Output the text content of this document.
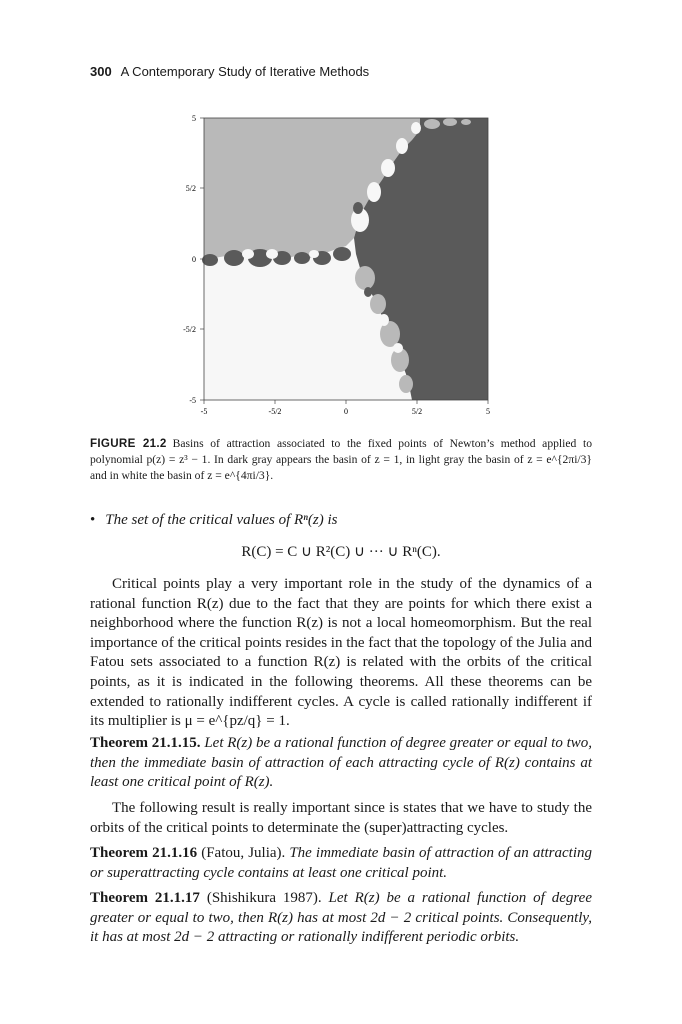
300 A Contemporary Study of Iterative Methods
5
5/2
0
-5/2
-5
-5	-5/2	0	5/2	5
FIGURE 21.2 Basins of attraction associated to the fixed points of Newton’s method applied to polynomial p(z) = z³ − 1. In dark gray appears the basin of z = 1, in light gray the basin of z = e^{2πi/3} and in white the basin of z = e^{4πi/3}.
• The set of the critical values of Rⁿ(z) is
R(C) = C ∪ R²(C) ∪ ··· ∪ Rⁿ(C).
Critical points play a very important role in the study of the dynamics of a rational function R(z) due to the fact that they are points for which there exist a neighborhood where the function R(z) is not a local homeomorphism. But the real importance of the critical points resides in the fact that the topology of the Julia and Fatou sets associated to a function R(z) is related with the orbits of the critical points, as it is indicated in the following theorems. All these theorems can be extended to rationally indifferent cycles. A cycle is called rationally indifferent if its multiplier is μ = e^{pz/q} = 1.
Theorem 21.1.15. Let R(z) be a rational function of degree greater or equal to two, then the immediate basin of attraction of each attracting cycle of R(z) contains at least one critical point of R(z).
The following result is really important since is states that we have to study the orbits of the critical points to determinate the (super)attracting cycles.
Theorem 21.1.16 (Fatou, Julia). The immediate basin of attraction of an attracting or superattracting cycle contains at least one critical point.
Theorem 21.1.17 (Shishikura 1987). Let R(z) be a rational function of degree greater or equal to two, then R(z) has at most 2d − 2 critical points. Consequently, it has at most 2d − 2 attracting or rationally indifferent periodic orbits.
